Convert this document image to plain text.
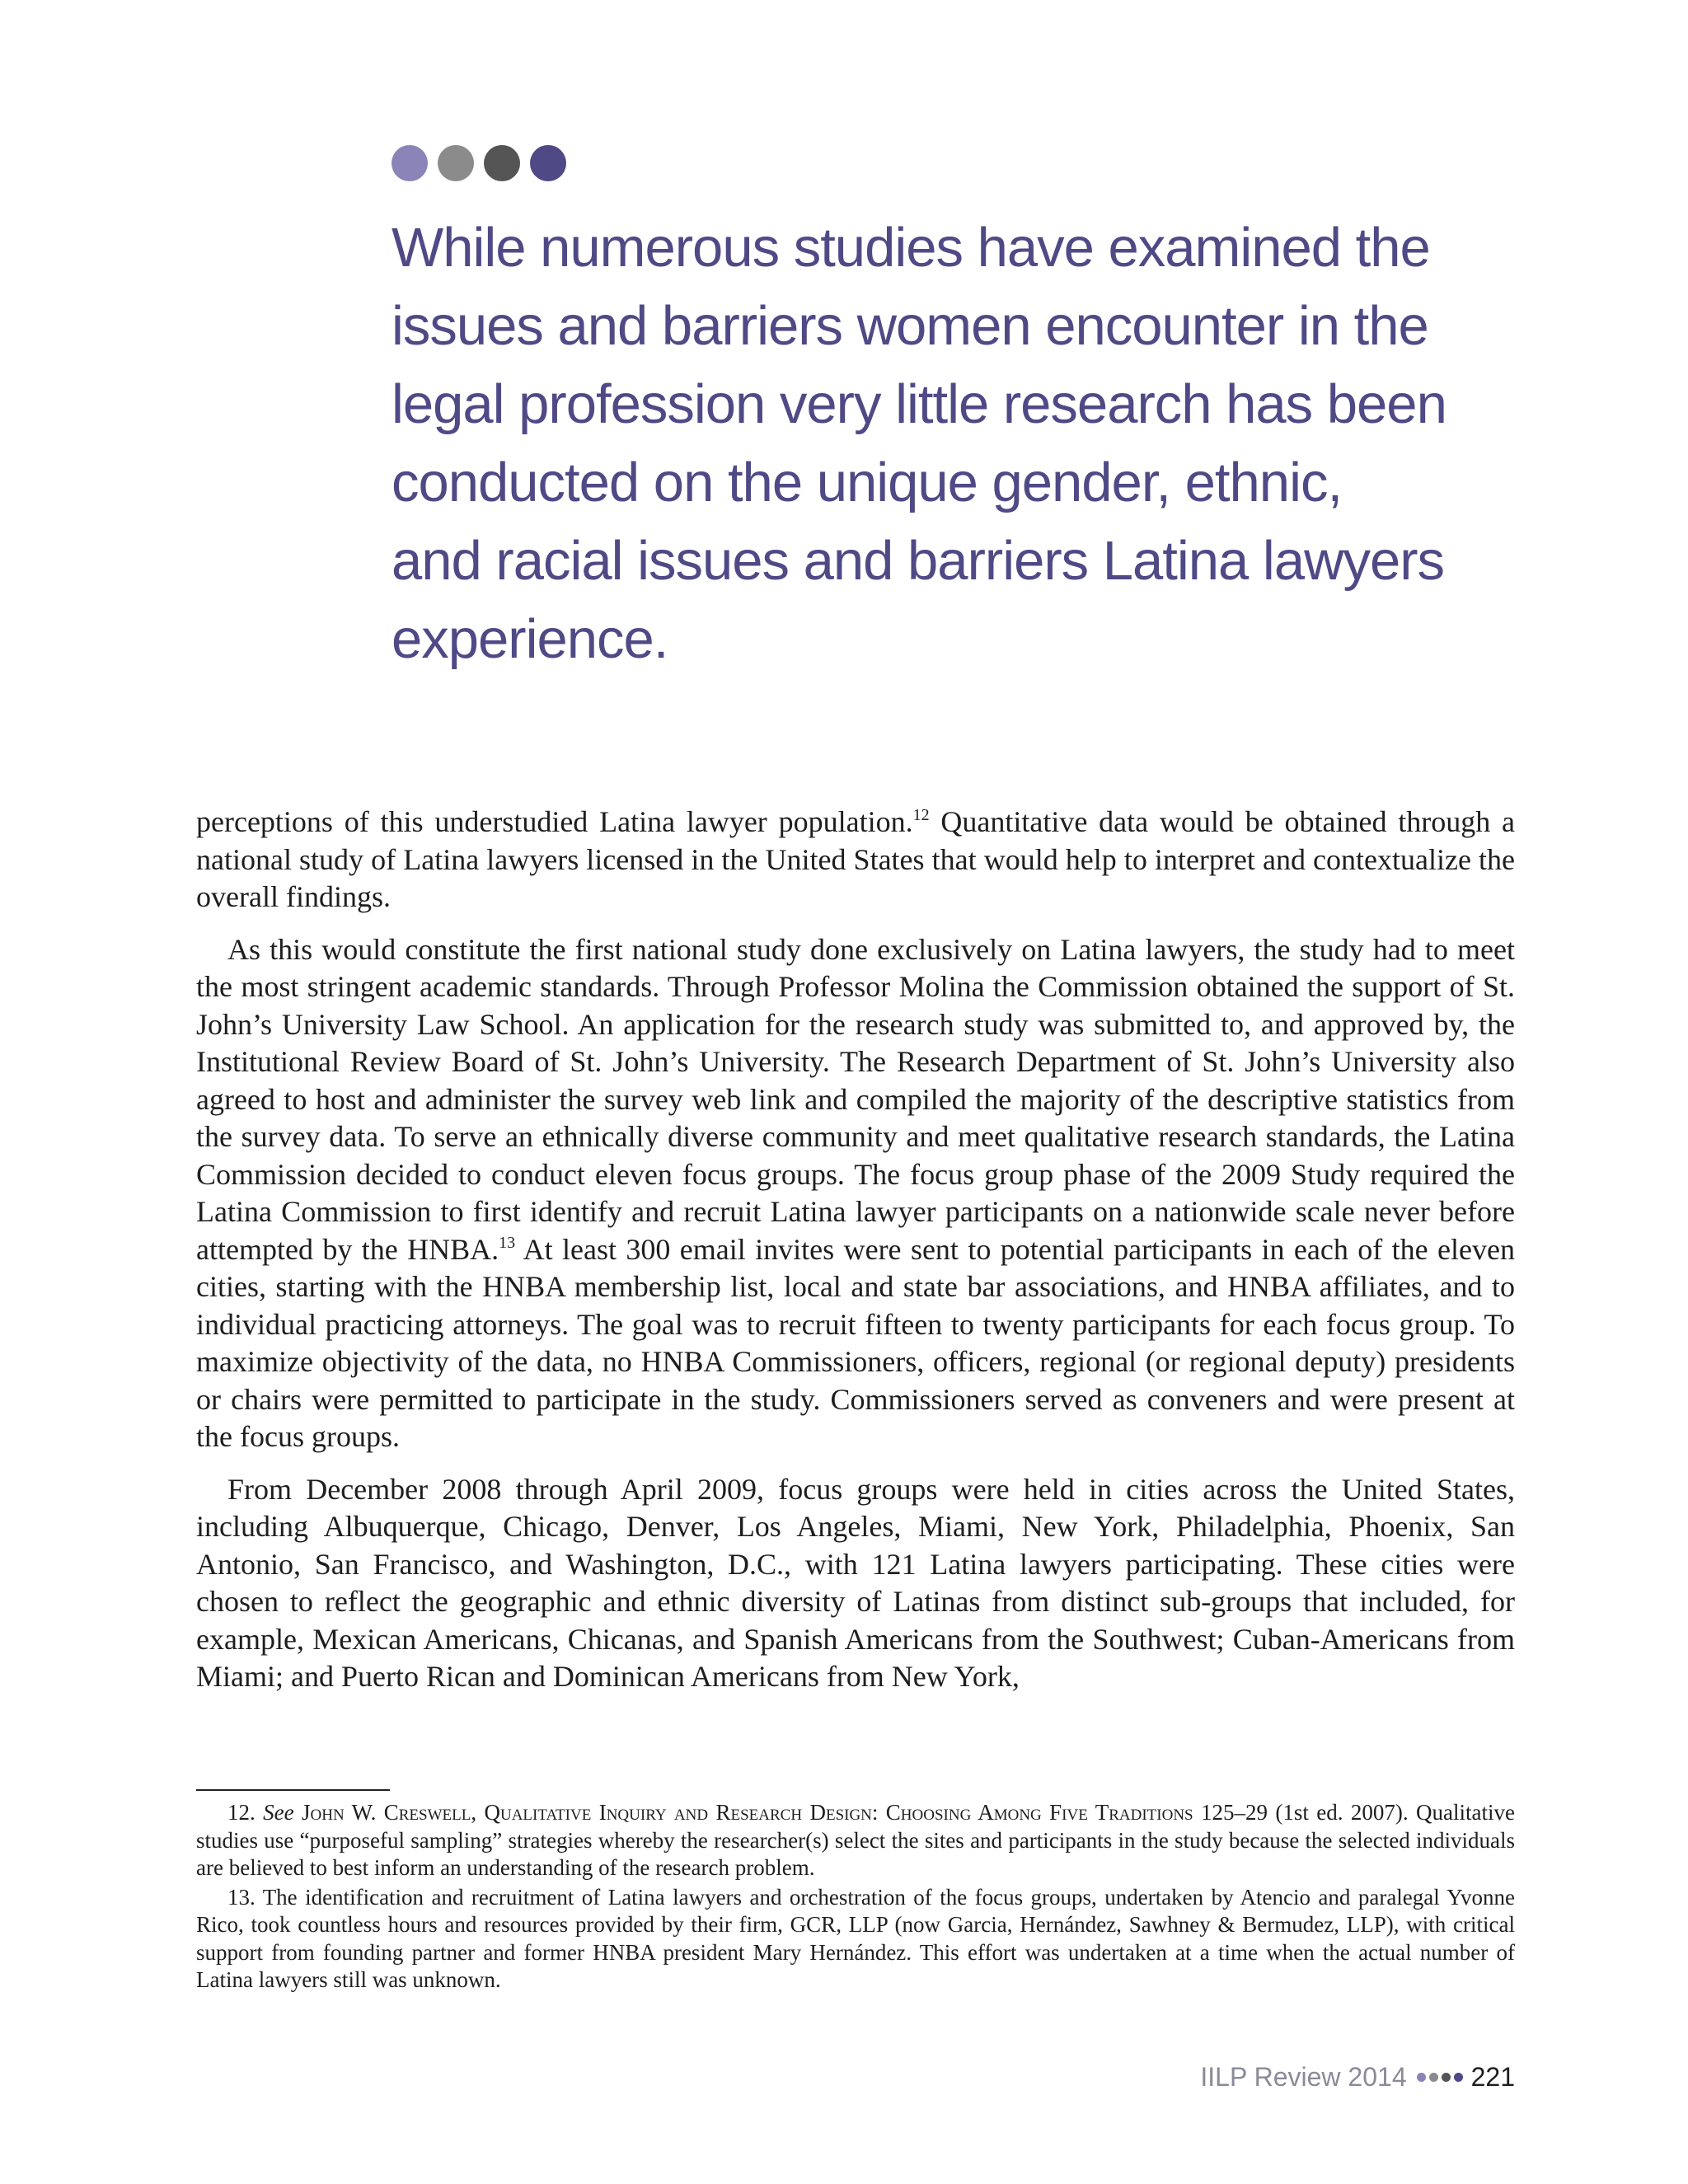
While numerous studies have examined the
issues and barriers women encounter in the
legal profession very little research has been
conducted on the unique gender, ethnic,
and racial issues and barriers Latina lawyers
experience.

perceptions of this understudied Latina lawyer population.$^{12}$ Quantitative data would be obtained through a national study of Latina lawyers licensed in the United States that would help to interpret and contextualize the overall findings.

As this would constitute the first national study done exclusively on Latina lawyers, the study had to meet the most stringent academic standards. Through Professor Molina the Commission obtained the support of St. John’s University Law School. An application for the research study was submitted to, and approved by, the Institutional Review Board of St. John’s University. The Research Department of St. John’s University also agreed to host and administer the survey web link and compiled the majority of the descriptive statistics from the survey data. To serve an ethnically diverse community and meet qualitative research standards, the Latina Commission decided to conduct eleven focus groups. The focus group phase of the 2009 Study required the Latina Commission to first identify and recruit Latina lawyer participants on a nationwide scale never before attempted by the HNBA.$^{13}$ At least 300 email invites were sent to potential participants in each of the eleven cities, starting with the HNBA membership list, local and state bar associations, and HNBA affiliates, and to individual practicing attorneys. The goal was to recruit fifteen to twenty participants for each focus group. To maximize objectivity of the data, no HNBA Commissioners, officers, regional (or regional deputy) presidents or chairs were permitted to participate in the study. Commissioners served as conveners and were present at the focus groups.

From December 2008 through April 2009, focus groups were held in cities across the United States, including Albuquerque, Chicago, Denver, Los Angeles, Miami, New York, Philadelphia, Phoenix, San Antonio, San Francisco, and Washington, D.C., with 121 Latina lawyers participating. These cities were chosen to reflect the geographic and ethnic diversity of Latinas from distinct sub-groups that included, for example, Mexican Americans, Chicanas, and Spanish Americans from the Southwest; Cuban-Americans from Miami; and Puerto Rican and Dominican Americans from New York,

12. See John W. Creswell, Qualitative Inquiry and Research Design: Choosing Among Five Traditions 125–29 (1st ed. 2007). Qualitative studies use “purposeful sampling” strategies whereby the researcher(s) select the sites and participants in the study because the selected individuals are believed to best inform an understanding of the research problem.

13. The identification and recruitment of Latina lawyers and orchestration of the focus groups, undertaken by Atencio and paralegal Yvonne Rico, took countless hours and resources provided by their firm, GCR, LLP (now Garcia, Hernández, Sawhney & Bermudez, LLP), with critical support from founding partner and former HNBA president Mary Hernández. This effort was undertaken at a time when the actual number of Latina lawyers still was unknown.

IILP Review 2014 221
